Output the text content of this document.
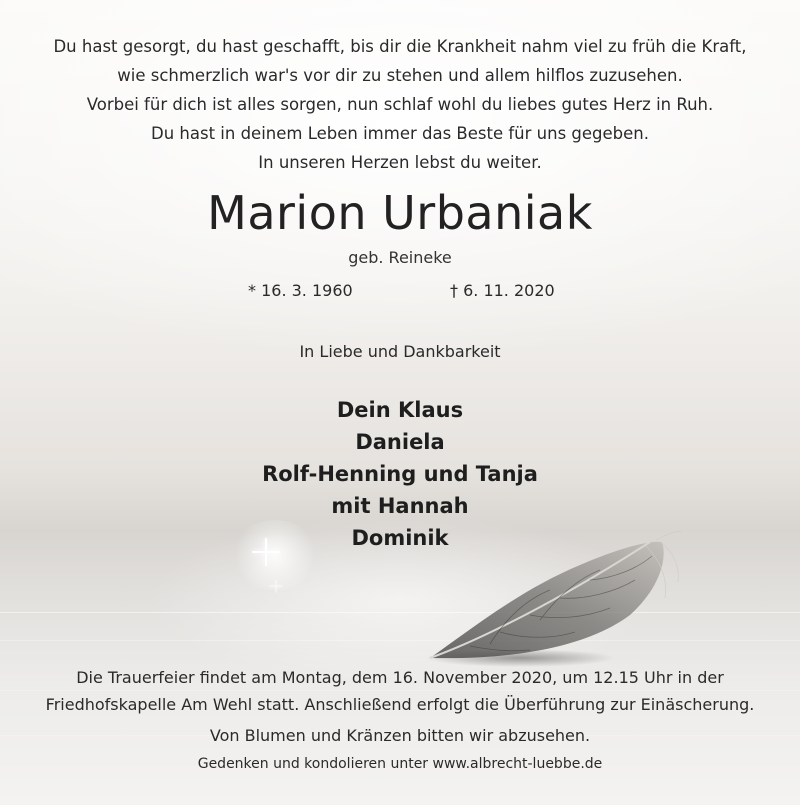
Du hast gesorgt, du hast geschafft, bis dir die Krankheit nahm viel zu früh die Kraft,
wie schmerzlich war's vor dir zu stehen und allem hilflos zuzusehen.
Vorbei für dich ist alles sorgen, nun schlaf wohl du liebes gutes Herz in Ruh.
Du hast in deinem Leben immer das Beste für uns gegeben.
In unseren Herzen lebst du weiter.
Marion Urbaniak
geb. Reineke
* 16. 3. 1960	† 6. 11. 2020
In Liebe und Dankbarkeit
Dein Klaus
Daniela
Rolf-Henning und Tanja
mit Hannah
Dominik
Die Trauerfeier findet am Montag, dem 16. November 2020, um 12.15 Uhr in der
Friedhofskapelle Am Wehl statt. Anschließend erfolgt die Überführung zur Einäscherung.
Von Blumen und Kränzen bitten wir abzusehen.
Gedenken und kondolieren unter www.albrecht-luebbe.de
